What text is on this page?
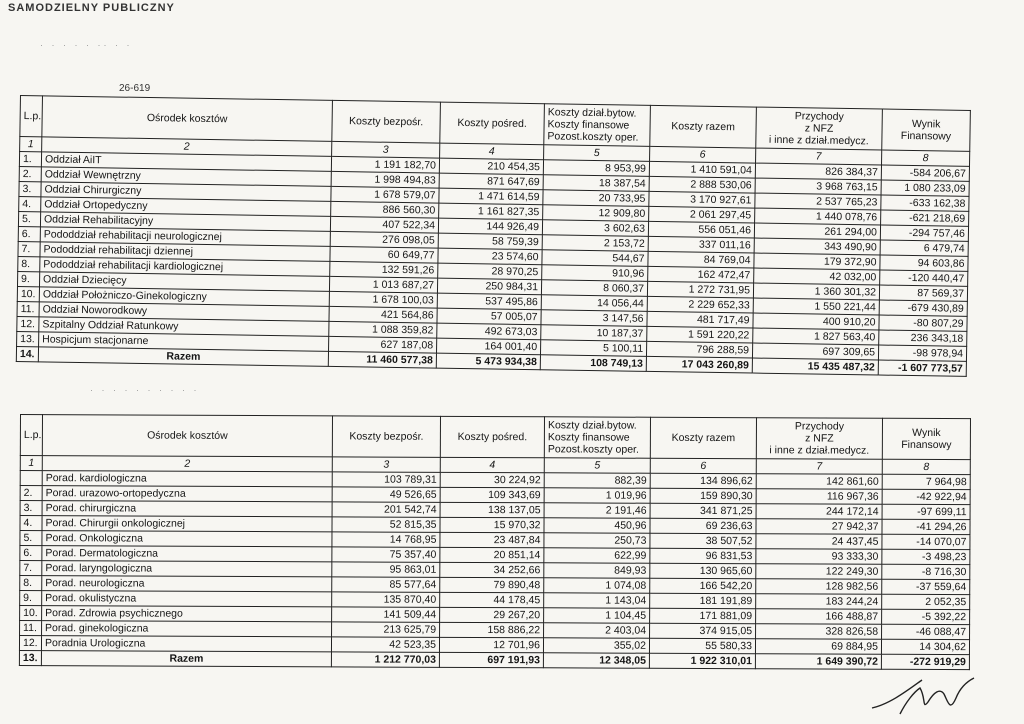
SAMODZIELNY PUBLICZNY
· · · · · ·· · ·
· · · · · · · · · ·
26-619
L.p.	Ośrodek kosztów	Koszty bezpośr.	Koszty pośred.	Koszty dział.bytow.
Koszty finansowe
Pozost.koszty oper.	Koszty razem	Przychody
z NFZ
i inne z dział.medycz.	Wynik
Finansowy
1	2	3	4	5	6	7	8
1.	Oddział AiIT	1 191 182,70	210 454,35	8 953,99	1 410 591,04	826 384,37	-584 206,67
2.	Oddział Wewnętrzny	1 998 494,83	871 647,69	18 387,54	2 888 530,06	3 968 763,15	1 080 233,09
3.	Oddział Chirurgiczny	1 678 579,07	1 471 614,59	20 733,95	3 170 927,61	2 537 765,23	-633 162,38
4.	Oddział Ortopedyczny	886 560,30	1 161 827,35	12 909,80	2 061 297,45	1 440 078,76	-621 218,69
5.	Oddział Rehabilitacyjny	407 522,34	144 926,49	3 602,63	556 051,46	261 294,00	-294 757,46
6.	Pododdział rehabilitacji neurologicznej	276 098,05	58 759,39	2 153,72	337 011,16	343 490,90	6 479,74
7.	Pododdział rehabilitacji dziennej	60 649,77	23 574,60	544,67	84 769,04	179 372,90	94 603,86
8.	Pododdział rehabilitacji kardiologicznej	132 591,26	28 970,25	910,96	162 472,47	42 032,00	-120 440,47
9.	Oddział Dziecięcy	1 013 687,27	250 984,31	8 060,37	1 272 731,95	1 360 301,32	87 569,37
10.	Oddział Położniczo-Ginekologiczny	1 678 100,03	537 495,86	14 056,44	2 229 652,33	1 550 221,44	-679 430,89
11.	Oddział Noworodkowy	421 564,86	57 005,07	3 147,56	481 717,49	400 910,20	-80 807,29
12.	Szpitalny Oddział Ratunkowy	1 088 359,82	492 673,03	10 187,37	1 591 220,22	1 827 563,40	236 343,18
13.	Hospicjum stacjonarne	627 187,08	164 001,40	5 100,11	796 288,59	697 309,65	-98 978,94
14.	Razem	11 460 577,38	5 473 934,38	108 749,13	17 043 260,89	15 435 487,32	-1 607 773,57
L.p.	Ośrodek kosztów	Koszty bezpośr.	Koszty pośred.	Koszty dział.bytow.
Koszty finansowe
Pozost.koszty oper.	Koszty razem	Przychody
z NFZ
i inne z dział.medycz.	Wynik
Finansowy
1	2	3	4	5	6	7	8
	Porad. kardiologiczna	103 789,31	30 224,92	882,39	134 896,62	142 861,60	7 964,98
2.	Porad. urazowo-ortopedyczna	49 526,65	109 343,69	1 019,96	159 890,30	116 967,36	-42 922,94
3.	Porad. chirurgiczna	201 542,74	138 137,05	2 191,46	341 871,25	244 172,14	-97 699,11
4.	Porad. Chirurgii onkologicznej	52 815,35	15 970,32	450,96	69 236,63	27 942,37	-41 294,26
5.	Porad. Onkologiczna	14 768,95	23 487,84	250,73	38 507,52	24 437,45	-14 070,07
6.	Porad. Dermatologiczna	75 357,40	20 851,14	622,99	96 831,53	93 333,30	-3 498,23
7.	Porad. laryngologiczna	95 863,01	34 252,66	849,93	130 965,60	122 249,30	-8 716,30
8.	Porad. neurologiczna	85 577,64	79 890,48	1 074,08	166 542,20	128 982,56	-37 559,64
9.	Porad. okulistyczna	135 870,40	44 178,45	1 143,04	181 191,89	183 244,24	2 052,35
10.	Porad. Zdrowia psychicznego	141 509,44	29 267,20	1 104,45	171 881,09	166 488,87	-5 392,22
11.	Porad. ginekologiczna	213 625,79	158 886,22	2 403,04	374 915,05	328 826,58	-46 088,47
12.	Poradnia Urologiczna	42 523,35	12 701,96	355,02	55 580,33	69 884,95	14 304,62
13.	Razem	1 212 770,03	697 191,93	12 348,05	1 922 310,01	1 649 390,72	-272 919,29
